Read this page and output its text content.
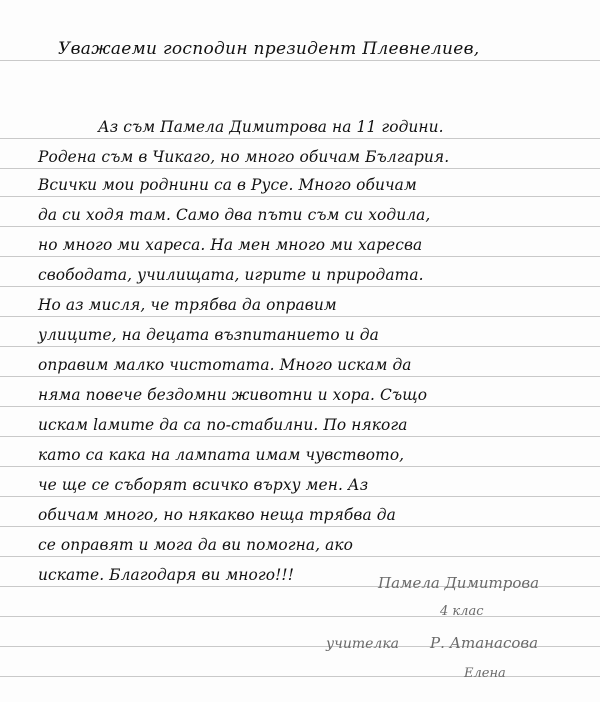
Уважаеми господин президент Плевнелиев,
Аз съм Памела Димитрова на 11 години.
Родена съм в Чикаго, но много обичам България.
Всички мои роднини са в Русе. Много обичам
да си ходя там. Само два пъти съм си ходила,
но много ми хареса. На мен много ми харесва
свободата, училищата, игрите и природата.
Но аз мисля, че трябва да оправим
улиците, на децата възпитанието и да
оправим малко чистотата. Много искам да
няма повече бездомни животни и хора. Също
искам laмите да са по-стабилни. По някога
като са кака на лампата имам чувството,
че ще се съборят всичко върху мен. Аз
обичам много, но някакво неща трябва да
се оправят и мога да ви помогна, ако
искате. Благодаря ви много!!!	Памела Димитрова
4 клас
учителка Р. Атанасова
Елена
